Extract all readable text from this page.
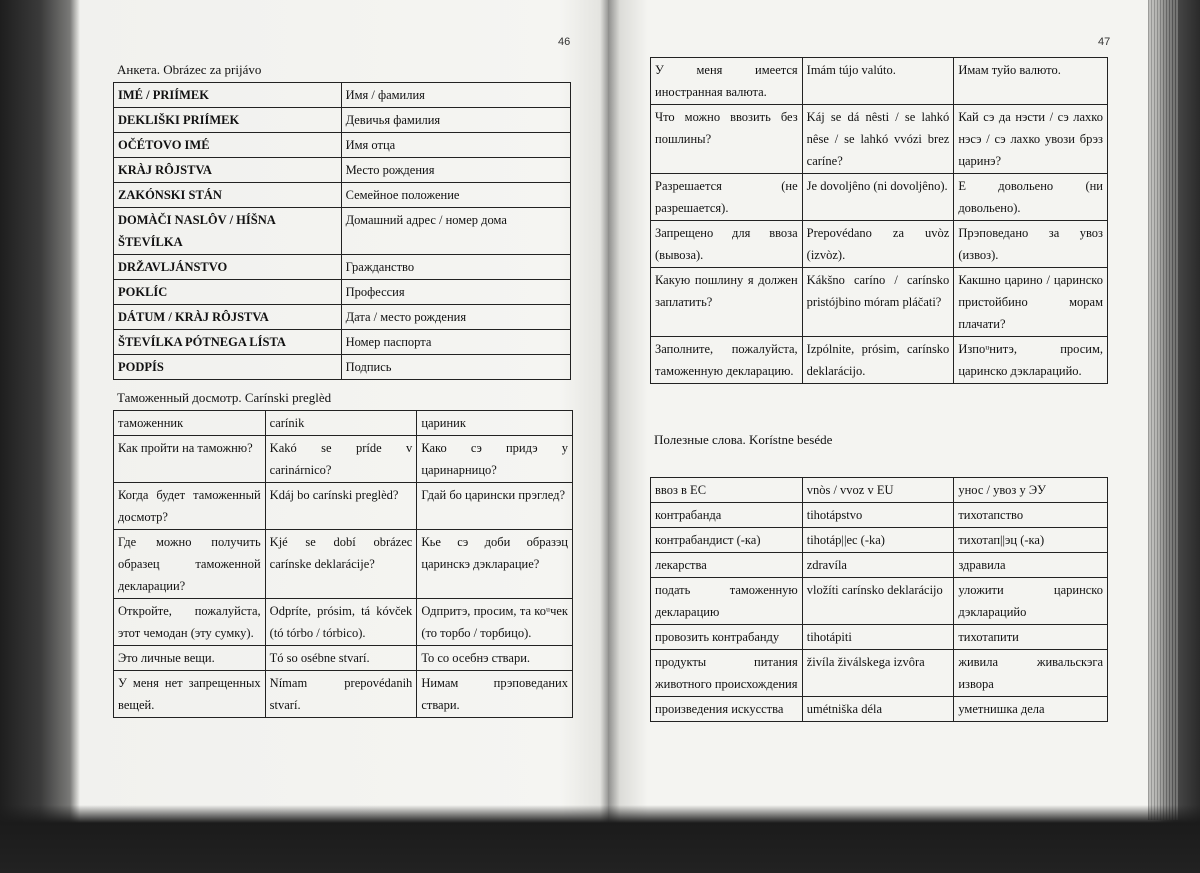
46
Анкета. Obrázec za prijávo
IMÉ / PRIÍMEK	Имя / фамилия
DEKLIŠKI PRIÍMEK	Девичья фамилия
OČÉTOVO IMÉ	Имя отца
KRÀJ RȎJSTVA	Место рождения
ZAKÓNSKI STÁN	Семейное положение
DOMÀČI NASLȎV / HÍŠNA ŠTEVÍLKA	Домашний адрес / номер дома
DRŽAVLJÁNSTVO	Гражданство
POKLÍC	Профессия
DÁTUM / KRÀJ RȎJSTVA	Дата / место рождения
ŠTEVÍLKA PÓTNEGA LÍSTA	Номер паспорта
PODPÍS	Подпись
Таможенный досмотр. Carínski preglèd
таможенник	carínik	цариник
Как пройти на таможню?	Kakó se príde v carinárnico?	Како сэ придэ у царинарницо?
Когда будет таможенный досмотр?	Kdáj bo carínski preglèd?	Гдай бо царински прэглед?
Где можно получить образец таможенной декларации?	Kjé se dobí obrázec carínske deklarácije?	Кье сэ доби образэц царинскэ дэкларацие?
Откройте, пожалуйста, этот чемодан (эту сумку).	Odpríte, prósim, tá kóvček (tó tórbo / tórbico).	Одпритэ, просим, та коᵘчек (то торбо / торбицо).
Это личные вещи.	Tó so osébne stvarí.	То со осебнэ ствари.
У меня нет запрещенных вещей.	Nímam prepovédanih stvarí.	Нимам прэповеданих ствари.
47
У меня имеется иностранная валюта.	Imám tújo valúto.	Имам туйо валюто.
Что можно ввозить без пошлины?	Káj se dá nêsti / se lahkó nêse / se lahkó vvózi brez caríne?	Кай сэ да нэсти / сэ лахко нэсэ / сэ лахко увози брэз царинэ?
Разрешается (не разрешается).	Je dovoljêno (ni dovoljêno).	Е довольено (ни довольено).
Запрещено для ввоза (вывоза).	Prepovédano za uvòz (izvòz).	Прэповедано за увоз (извоз).
Какую пошлину я должен заплатить?	Kákšno caríno / carínsko pristójbino móram pláčati?	Какшно царино / царинско пристойбино морам плачати?
Заполните, пожалуйста, таможенную декларацию.	Izpólnite, prósim, carínsko deklarácijo.	Изпоᵘнитэ, просим, царинско дэкларацийо.
Полезные слова. Korístne beséde
ввоз в ЕС	vnòs / vvoz v EU	унос / увоз у ЭУ
контрабанда	tihotápstvo	тихотапство
контрабандист (-ка)	tihotáp||ec (-ka)	тихотап||эц (-ка)
лекарства	zdravíla	здравила
подать таможенную декларацию	vložíti carínsko deklarácijo	уложити царинско дэкларацийо
провозить контрабанду	tihotápiti	тихотапити
продукты питания животного происхождения	živíla živálskega izvôra	живила живальскэга извора
произведения искусства	umétniška déla	уметнишка дела
